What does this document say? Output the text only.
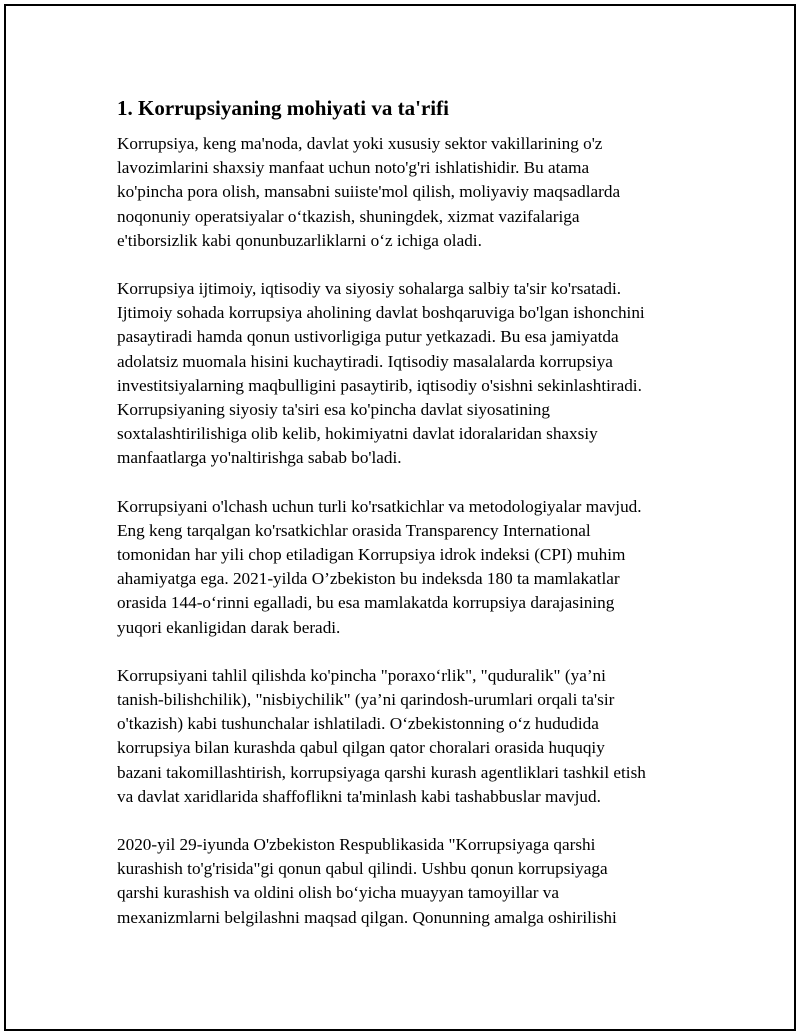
1. Korrupsiyaning mohiyati va ta'rifi

Korrupsiya, keng ma'noda, davlat yoki xususiy sektor vakillarining o'z
lavozimlarini shaxsiy manfaat uchun noto'g'ri ishlatishidir. Bu atama
ko'pincha pora olish, mansabni suiiste'mol qilish, moliyaviy maqsadlarda
noqonuniy operatsiyalar o‘tkazish, shuningdek, xizmat vazifalariga
e'tiborsizlik kabi qonunbuzarliklarni o‘z ichiga oladi.

Korrupsiya ijtimoiy, iqtisodiy va siyosiy sohalarga salbiy ta'sir ko'rsatadi.
Ijtimoiy sohada korrupsiya aholining davlat boshqaruviga bo'lgan ishonchini
pasaytiradi hamda qonun ustivorligiga putur yetkazadi. Bu esa jamiyatda
adolatsiz muomala hisini kuchaytiradi. Iqtisodiy masalalarda korrupsiya
investitsiyalarning maqbulligini pasaytirib, iqtisodiy o'sishni sekinlashtiradi.
Korrupsiyaning siyosiy ta'siri esa ko'pincha davlat siyosatining
soxtalashtirilishiga olib kelib, hokimiyatni davlat idoralaridan shaxsiy
manfaatlarga yo'naltirishga sabab bo'ladi.

Korrupsiyani o'lchash uchun turli ko'rsatkichlar va metodologiyalar mavjud.
Eng keng tarqalgan ko'rsatkichlar orasida Transparency International
tomonidan har yili chop etiladigan Korrupsiya idrok indeksi (CPI) muhim
ahamiyatga ega. 2021-yilda O’zbekiston bu indeksda 180 ta mamlakatlar
orasida 144-o‘rinni egalladi, bu esa mamlakatda korrupsiya darajasining
yuqori ekanligidan darak beradi.

Korrupsiyani tahlil qilishda ko'pincha "poraxo‘rlik", "quduralik" (ya’ni
tanish-bilishchilik), "nisbiychilik" (ya’ni qarindosh-urumlari orqali ta'sir
o'tkazish) kabi tushunchalar ishlatiladi. O‘zbekistonning o‘z hududida
korrupsiya bilan kurashda qabul qilgan qator choralari orasida huquqiy
bazani takomillashtirish, korrupsiyaga qarshi kurash agentliklari tashkil etish
va davlat xaridlarida shaffoflikni ta'minlash kabi tashabbuslar mavjud.

2020-yil 29-iyunda O'zbekiston Respublikasida "Korrupsiyaga qarshi
kurashish to'g'risida"gi qonun qabul qilindi. Ushbu qonun korrupsiyaga
qarshi kurashish va oldini olish bo‘yicha muayyan tamoyillar va
mexanizmlarni belgilashni maqsad qilgan. Qonunning amalga oshirilishi
